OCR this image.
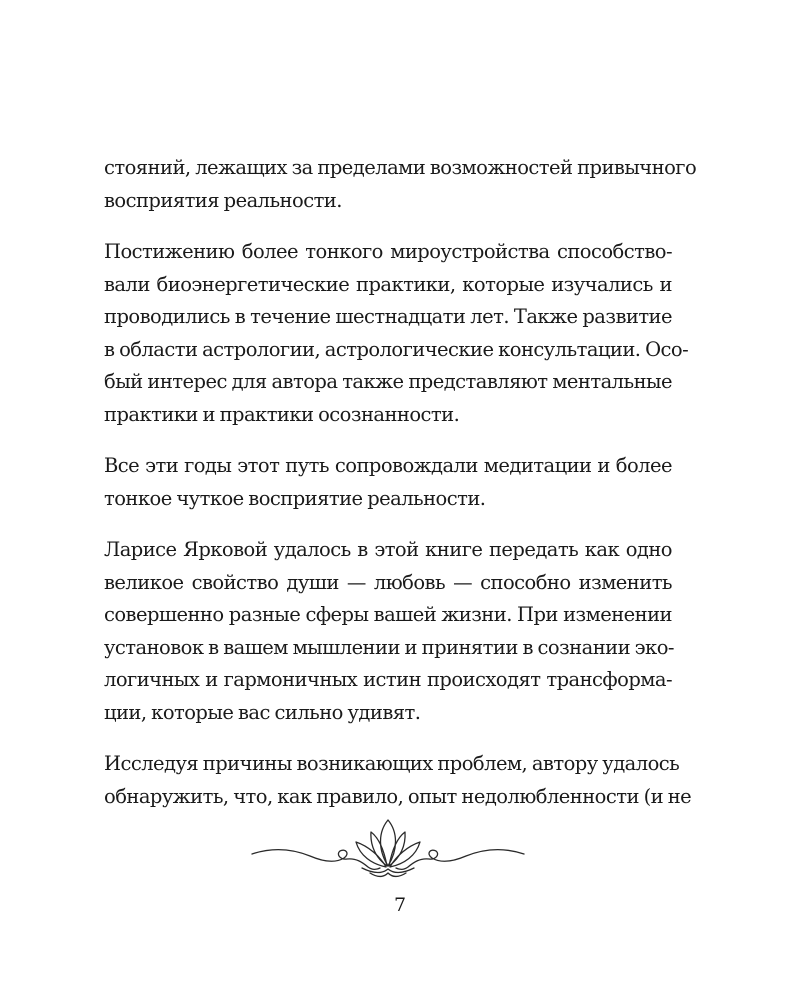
стояний, лежащих за пределами возможностей привычного
восприятия реальности.

Постижению более тонкого мироустройства способство-
вали биоэнергетические практики, которые изучались и
проводились в течение шестнадцати лет. Также развитие
в области астрологии, астрологические консультации. Осо-
бый интерес для автора также представляют ментальные
практики и практики осознанности.

Все эти годы этот путь сопровождали медитации и более
тонкое чуткое восприятие реальности.

Ларисе Ярковой удалось в этой книге передать как одно
великое свойство души — любовь — способно изменить
совершенно разные сферы вашей жизни. При изменении
установок в вашем мышлении и принятии в сознании эко-
логичных и гармоничных истин происходят трансформа-
ции, которые вас сильно удивят.

Исследуя причины возникающих проблем, автору удалось
обнаружить, что, как правило, опыт недолюбленности (и не

7
